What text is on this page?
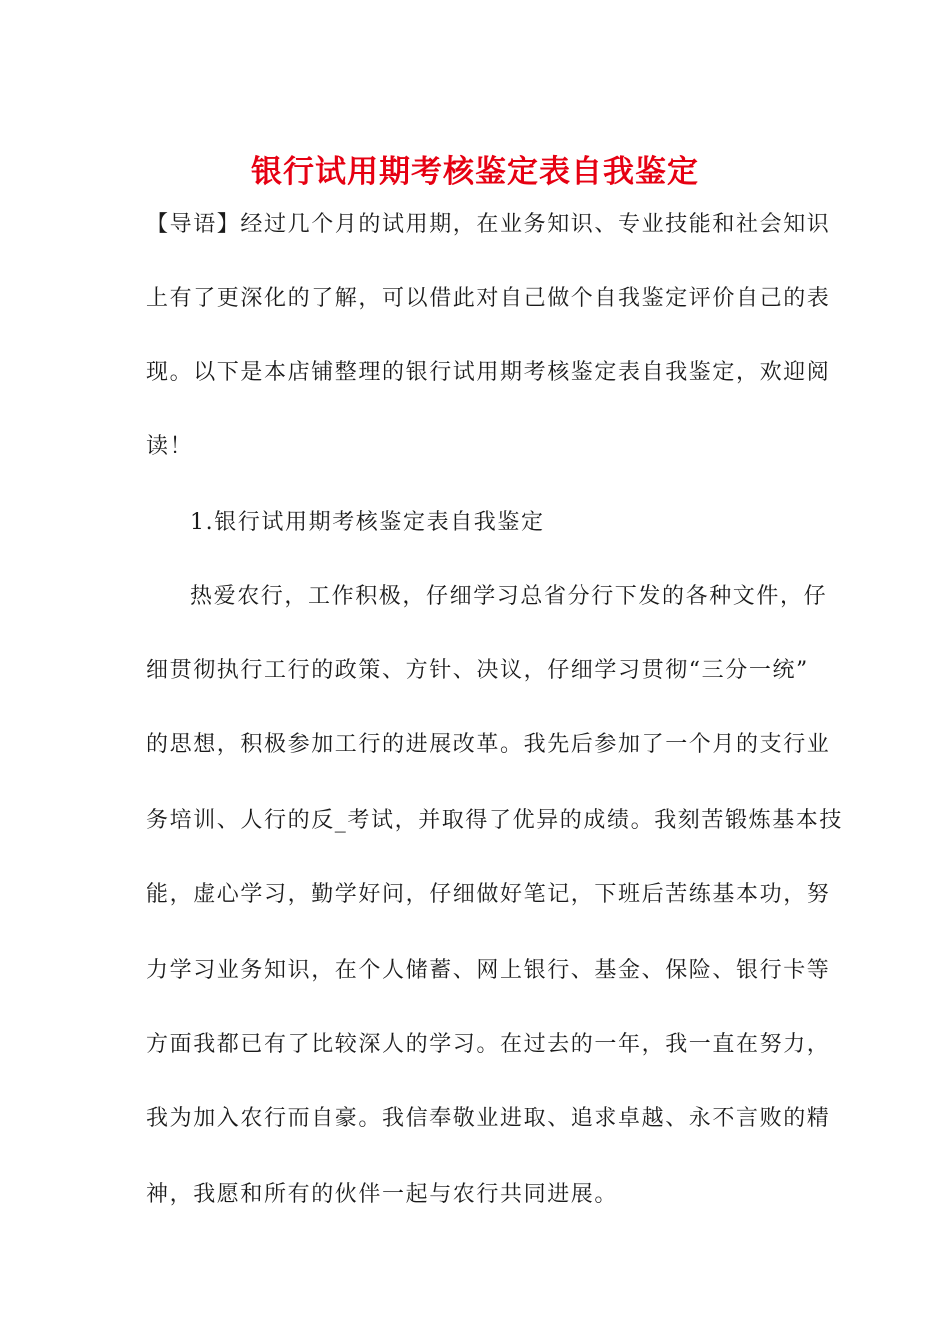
银行试用期考核鉴定表自我鉴定

【导语】经过几个月的试用期，在业务知识、专业技能和社会知识

上有了更深化的了解，可以借此对自己做个自我鉴定评价自己的表

现。以下是本店铺整理的银行试用期考核鉴定表自我鉴定，欢迎阅

读！

1.银行试用期考核鉴定表自我鉴定

热爱农行，工作积极，仔细学习总省分行下发的各种文件，仔

细贯彻执行工行的政策、方针、决议，仔细学习贯彻“三分一统”

的思想，积极参加工行的进展改革。我先后参加了一个月的支行业

务培训、人行的反_考试，并取得了优异的成绩。我刻苦锻炼基本技

能，虚心学习，勤学好问，仔细做好笔记，下班后苦练基本功，努

力学习业务知识，在个人储蓄、网上银行、基金、保险、银行卡等

方面我都已有了比较深人的学习。在过去的一年，我一直在努力，

我为加入农行而自豪。我信奉敬业进取、追求卓越、永不言败的精

神，我愿和所有的伙伴一起与农行共同进展。
